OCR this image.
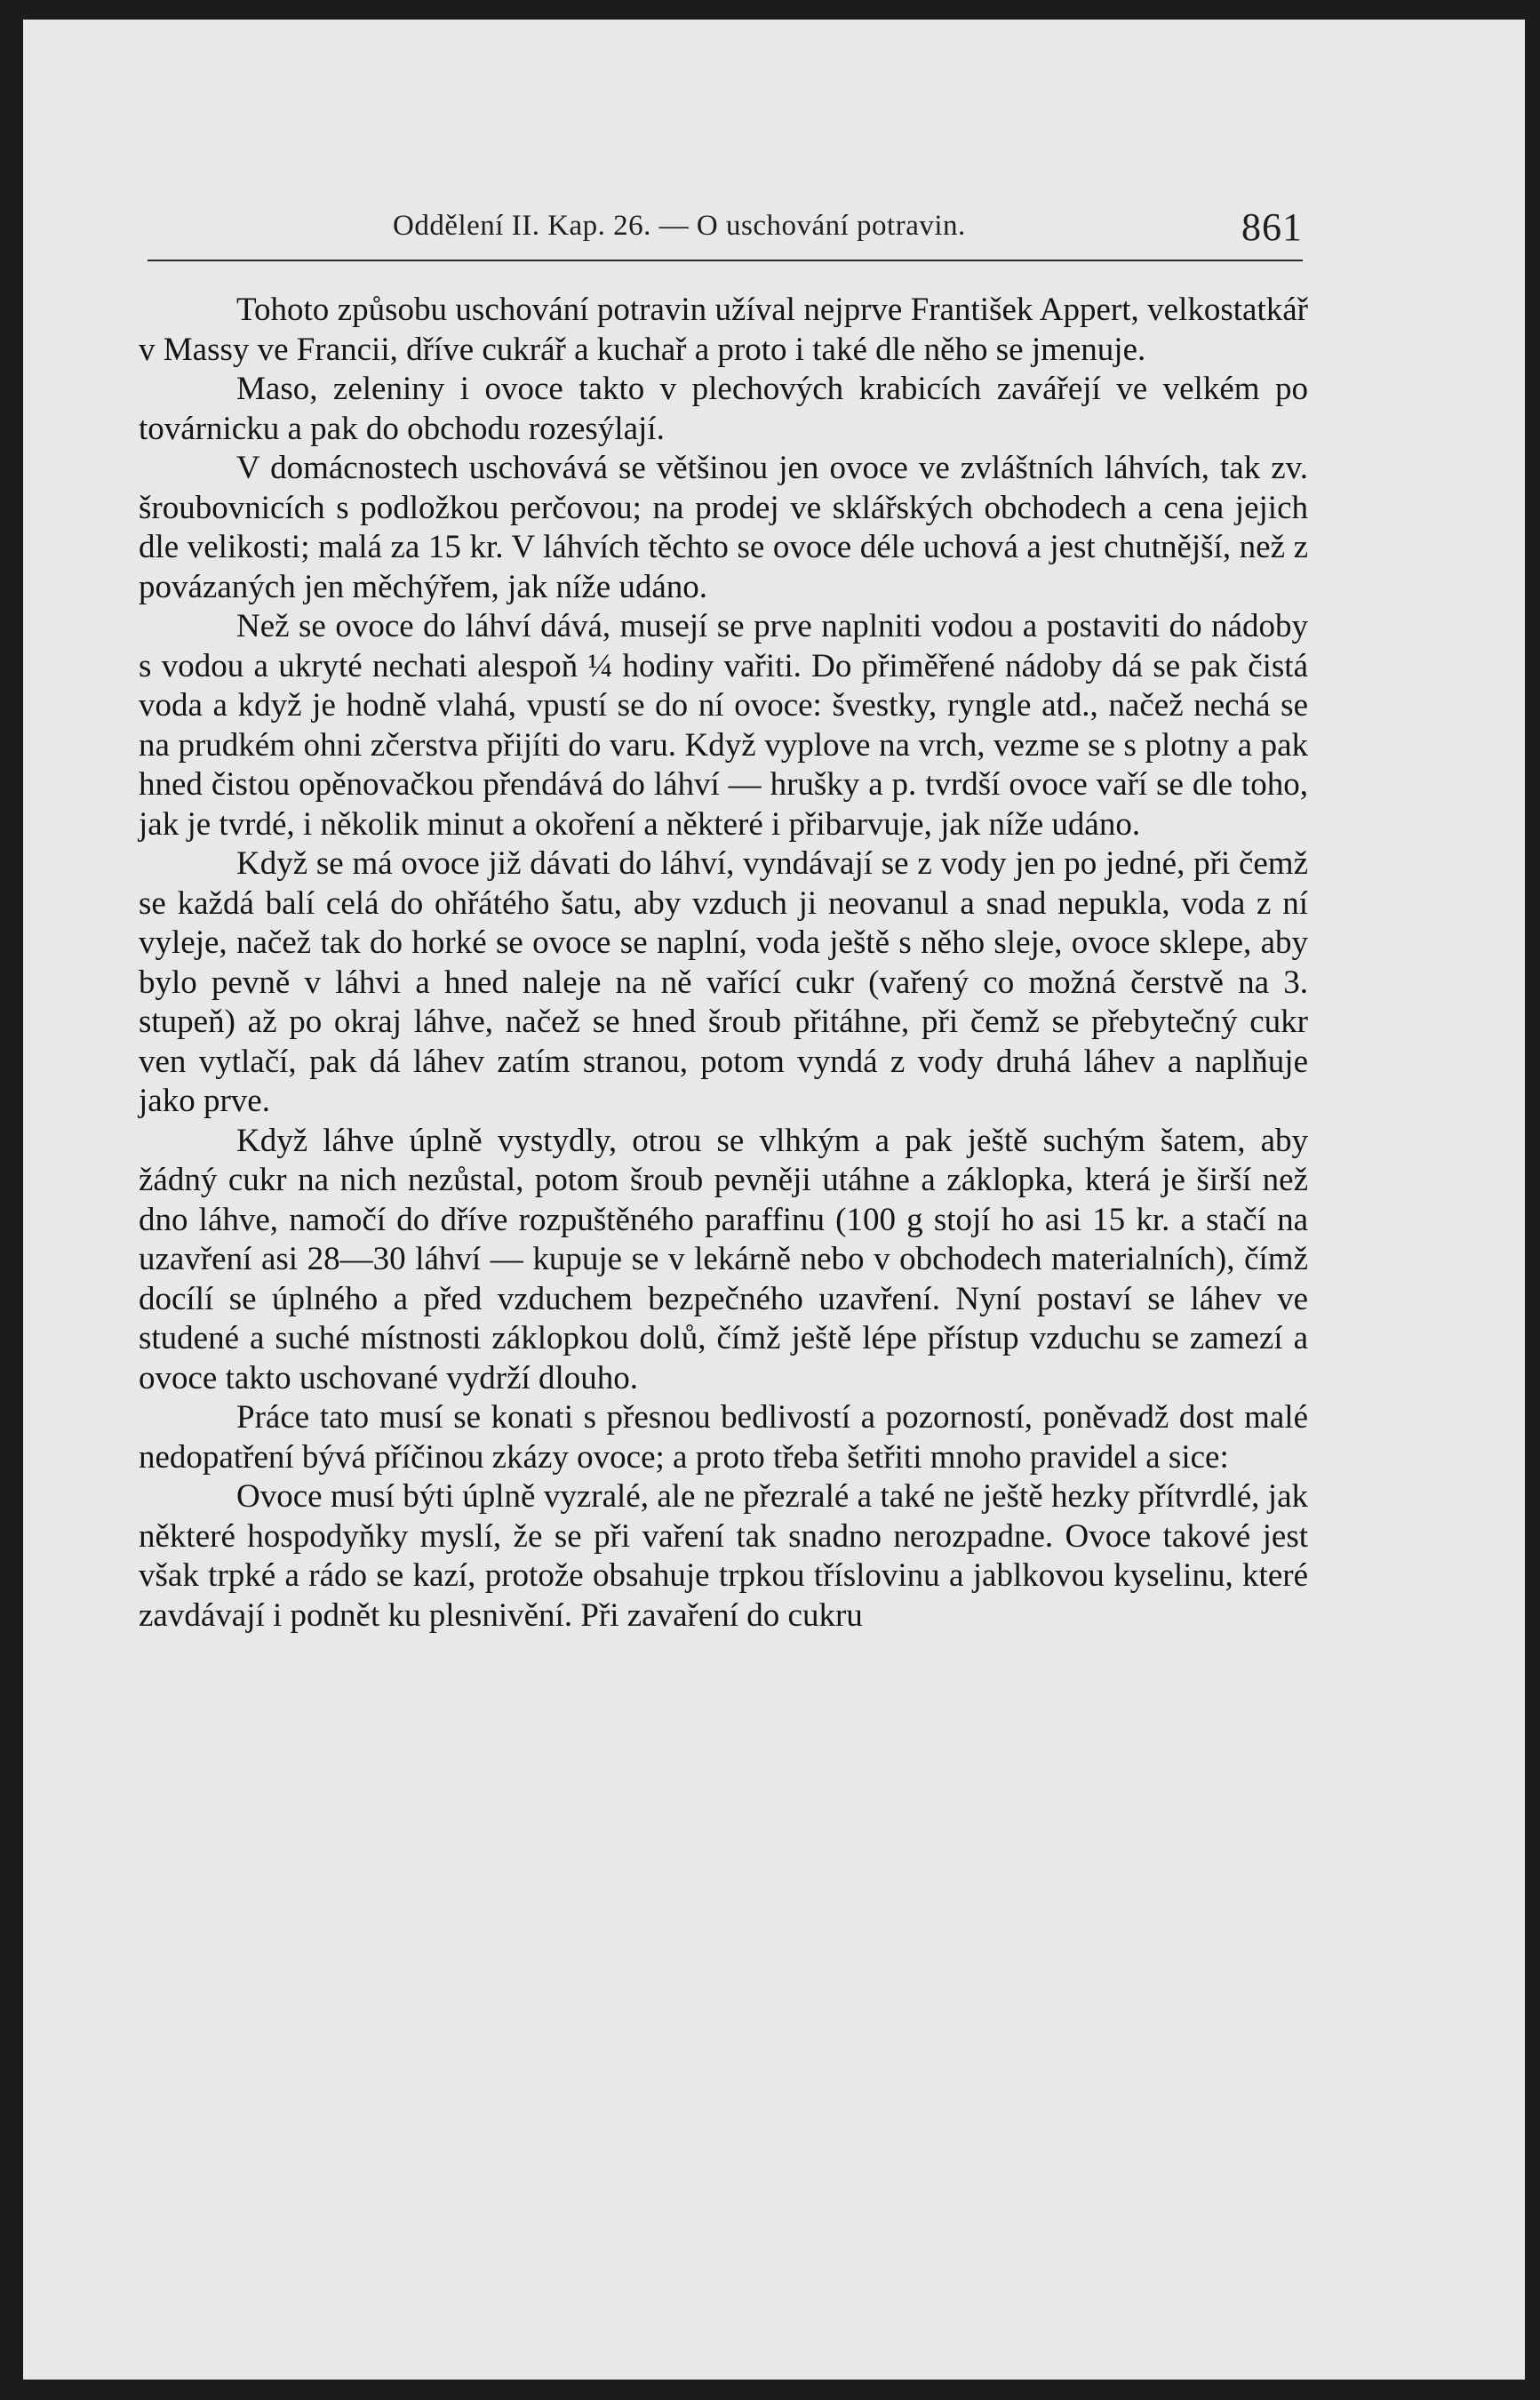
Oddělení II. Kap. 26. — O uschování potravin.	861

Tohoto způsobu uschování potravin užíval nejprve František Appert, velkostatkář v Massy ve Francii, dříve cukrář a kuchař a proto i také dle něho se jmenuje.

Maso, zeleniny i ovoce takto v plechových krabicích zavářejí ve velkém po továrnicku a pak do obchodu rozesýlají.

V domácnostech uschovává se většinou jen ovoce ve zvláštních láhvích, tak zv. šroubovnicích s podložkou perčovou; na prodej ve sklářských obchodech a cena jejich dle velikosti; malá za 15 kr. V láhvích těchto se ovoce déle uchová a jest chutnější, než z povázaných jen měchýřem, jak níže udáno.

Než se ovoce do láhví dává, musejí se prve naplniti vodou a postaviti do nádoby s vodou a ukryté nechati alespoň ¼ hodiny vařiti. Do přiměřené nádoby dá se pak čistá voda a když je hodně vlahá, vpustí se do ní ovoce: švestky, ryngle atd., načež nechá se na prudkém ohni zčerstva přijíti do varu. Když vyplove na vrch, vezme se s plotny a pak hned čistou opěnovačkou přendává do láhví — hrušky a p. tvrdší ovoce vaří se dle toho, jak je tvrdé, i několik minut a okoření a některé i přibarvuje, jak níže udáno.

Když se má ovoce již dávati do láhví, vyndávají se z vody jen po jedné, při čemž se každá balí celá do ohřátého šatu, aby vzduch ji neovanul a snad nepukla, voda z ní vyleje, načež tak do horké se ovoce se naplní, voda ještě s něho sleje, ovoce sklepe, aby bylo pevně v láhvi a hned naleje na ně vařící cukr (vařený co možná čerstvě na 3. stupeň) až po okraj láhve, načež se hned šroub přitáhne, při čemž se přebytečný cukr ven vytlačí, pak dá láhev zatím stranou, potom vyndá z vody druhá láhev a naplňuje jako prve.

Když láhve úplně vystydly, otrou se vlhkým a pak ještě suchým šatem, aby žádný cukr na nich nezůstal, potom šroub pevněji utáhne a záklopka, která je širší než dno láhve, namočí do dříve rozpuštěného paraffinu (100 g stojí ho asi 15 kr. a stačí na uzavření asi 28—30 láhví — kupuje se v lekárně nebo v obchodech materialních), čímž docílí se úplného a před vzduchem bezpečného uzavření. Nyní postaví se láhev ve studené a suché místnosti záklopkou dolů, čímž ještě lépe přístup vzduchu se zamezí a ovoce takto uschované vydrží dlouho.

Práce tato musí se konati s přesnou bedlivostí a pozorností, poněvadž dost malé nedopatření bývá příčinou zkázy ovoce; a proto třeba šetřiti mnoho pravidel a sice:

Ovoce musí býti úplně vyzralé, ale ne přezralé a také ne ještě hezky přítvrdlé, jak některé hospodyňky myslí, že se při vaření tak snadno nerozpadne. Ovoce takové jest však trpké a rádo se kazí, protože obsahuje trpkou tříslovinu a jablkovou kyselinu, které zavdávají i podnět ku plesnivění. Při zavaření do cukru
